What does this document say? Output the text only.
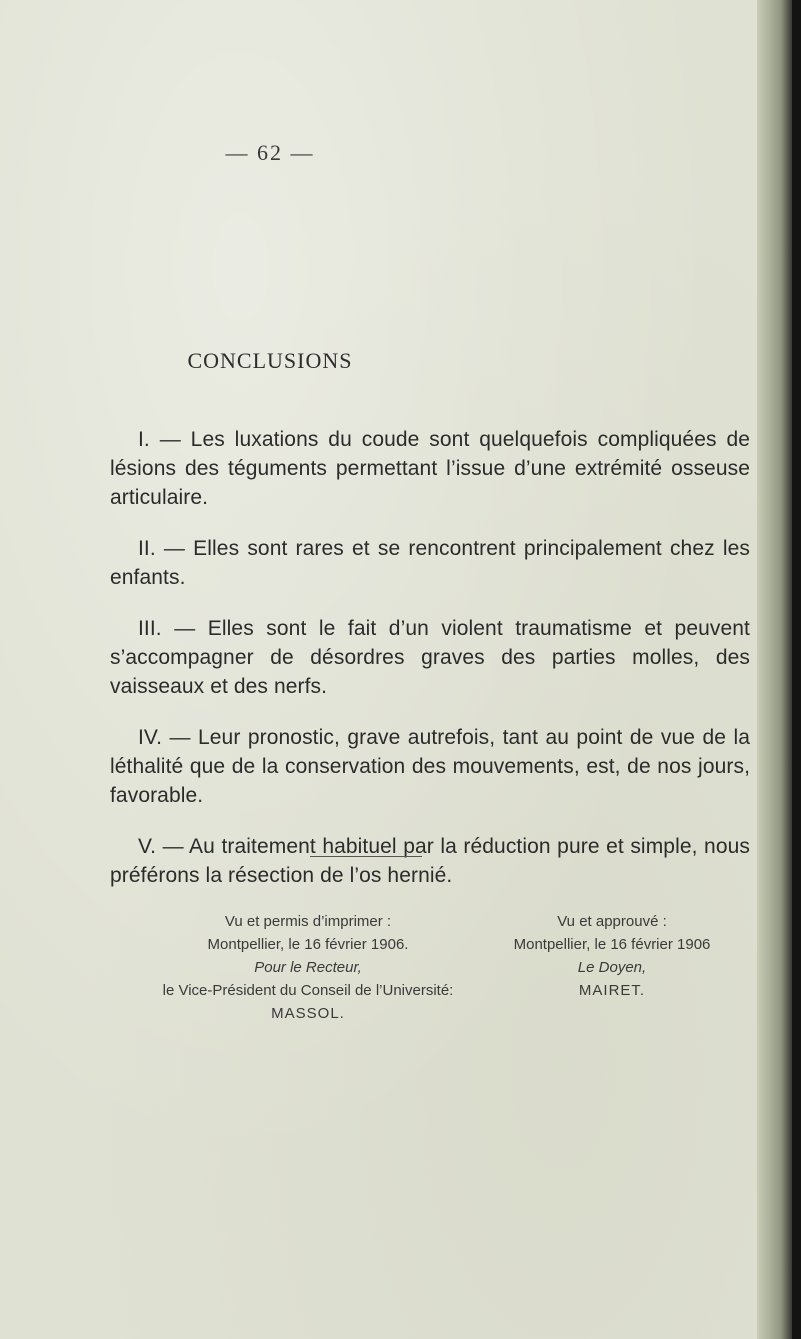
— 62 —
CONCLUSIONS

I. — Les luxations du coude sont quelquefois compliquées de lésions des téguments permettant l’issue d’une extrémité osseuse articulaire.

II. — Elles sont rares et se rencontrent principalement chez les enfants.

III. — Elles sont le fait d’un violent traumatisme et peuvent s’accompagner de désordres graves des parties molles, des vaisseaux et des nerfs.

IV. — Leur pronostic, grave autrefois, tant au point de vue de la léthalité que de la conservation des mouvements, est, de nos jours, favorable.

V. — Au traitement habituel par la réduction pure et simple, nous préférons la résection de l’os hernié.

Vu et permis d’imprimer :
Montpellier, le 16 février 1906.
Pour le Recteur,
le Vice-Président du Conseil de l’Université:
MASSOL.
Vu et approuvé :
Montpellier, le 16 février 1906
Le Doyen,
MAIRET.
